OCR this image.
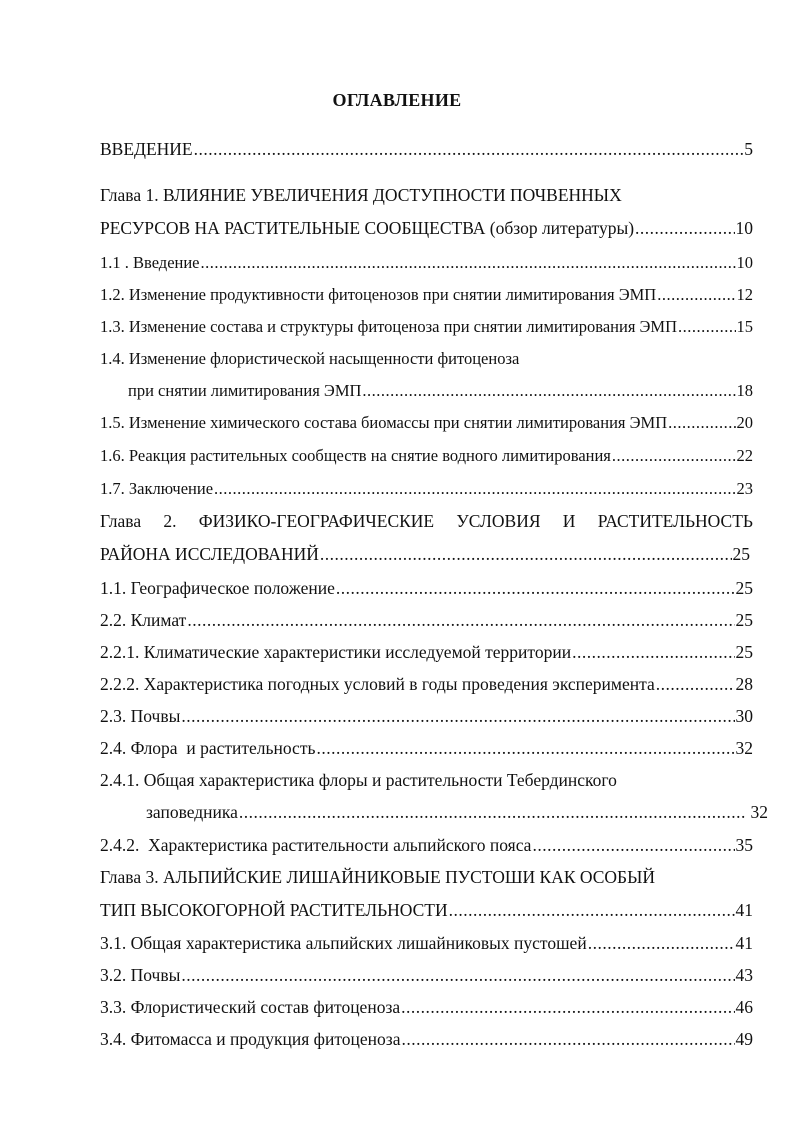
ОГЛАВЛЕНИЕ
ВВЕДЕНИЕ .....	5
Глава 1. ВЛИЯНИЕ УВЕЛИЧЕНИЯ ДОСТУПНОСТИ ПОЧВЕННЫХ
РЕСУРСОВ НА РАСТИТЕЛЬНЫЕ СООБЩЕСТВА (обзор литературы) .....	10
1.1 . Введение .....	10
1.2. Изменение продуктивности фитоценозов при снятии лимитирования ЭМП .....	12
1.3. Изменение состава и структуры фитоценоза при снятии лимитирования ЭМП .....	15
1.4. Изменение флористической насыщенности фитоценоза
при снятии лимитирования ЭМП .....	18
1.5. Изменение химического состава биомассы при снятии лимитирования ЭМП .....	20
1.6. Реакция растительных сообществ на снятие водного лимитирования .....	22
1.7. Заключение .....	23
Глава 2. ФИЗИКО-ГЕОГРАФИЧЕСКИЕ УСЛОВИЯ И РАСТИТЕЛЬНОСТЬ
РАЙОНА ИССЛЕДОВАНИЙ .....	25
1.1. Географическое положение .....	25
2.2. Климат .....	25
2.2.1. Климатические характеристики исследуемой территории .....	25
2.2.2. Характеристика погодных условий в годы проведения эксперимента .....	28
2.3. Почвы .....	30
2.4. Флора  и растительность .....	32
2.4.1. Общая характеристика флоры и растительности Тебердинского
заповедника .....	32
2.4.2.  Характеристика растительности альпийского пояса .....	35
Глава 3. АЛЬПИЙСКИЕ ЛИШАЙНИКОВЫЕ ПУСТОШИ КАК ОСОБЫЙ
ТИП ВЫСОКОГОРНОЙ РАСТИТЕЛЬНОСТИ .....	41
3.1. Общая характеристика альпийских лишайниковых пустошей .....	41
3.2. Почвы .....	43
3.3. Флористический состав фитоценоза .....	46
3.4. Фитомасса и продукция фитоценоза .....	49
